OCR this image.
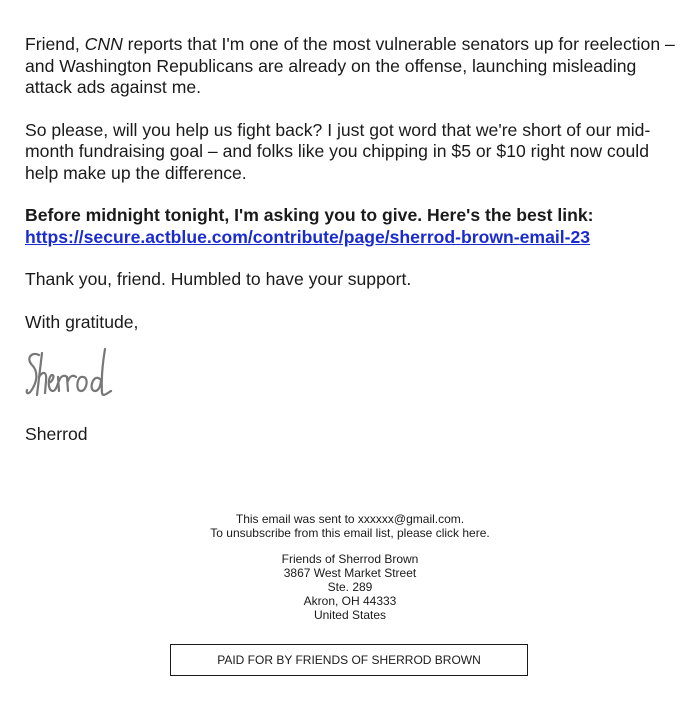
Friend, CNN reports that I'm one of the most vulnerable senators up for reelection – and Washington Republicans are already on the offense, launching misleading attack ads against me.

So please, will you help us fight back? I just got word that we're short of our mid-month fundraising goal – and folks like you chipping in $5 or $10 right now could help make up the difference.

Before midnight tonight, I'm asking you to give. Here's the best link: https://secure.actblue.com/contribute/page/sherrod-brown-email-23

Thank you, friend. Humbled to have your support.

With gratitude,

Sherrod

This email was sent to xxxxxx@gmail.com.
To unsubscribe from this email list, please click here.
Friends of Sherrod Brown
3867 West Market Street
Ste. 289
Akron, OH 44333
United States
PAID FOR BY FRIENDS OF SHERROD BROWN
